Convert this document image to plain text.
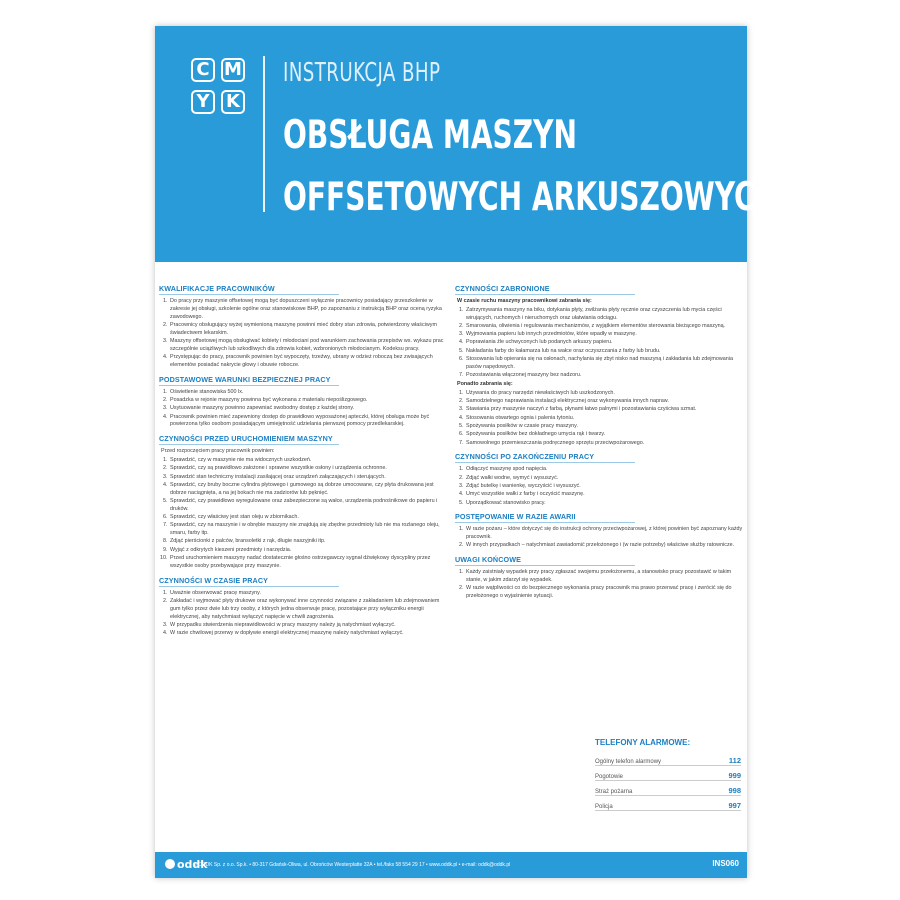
C M
Y K
INSTRUKCJA BHP
OBSŁUGA MASZYN
OFFSETOWYCH ARKUSZOWYCH
KWALIFIKACJE PRACOWNIKÓW
1. Do pracy przy maszynie offsetowej mogą być dopuszczeni wyłącznie pracownicy posiadający przeszkolenie w zakresie jej obsługi, szkolenie ogólne oraz stanowiskowe BHP, po zapoznaniu z instrukcją BHP oraz oceną ryzyka zawodowego.
2. Pracownicy obsługujący wyżej wymienioną maszynę powinni mieć dobry stan zdrowia, potwierdzony właściwym świadectwem lekarskim.
3. Maszyny offsetowej mogą obsługiwać kobiety i młodociani pod warunkiem zachowania przepisów ws. wykazu prac szczególnie uciążliwych lub szkodliwych dla zdrowia kobiet, wzbronionych młodocianym. Kodeksu pracy.
4. Przystępując do pracy, pracownik powinien być wypoczęty, trzeźwy, ubrany w odzież roboczą bez zwisających elementów posiadać nakrycie głowy i obuwie robocze.
PODSTAWOWE WARUNKI BEZPIECZNEJ PRACY
1. Oświetlenie stanowiska 500 lx.
2. Posadzka w rejonie maszyny powinna być wykonana z materiału niepoślizgowego.
3. Usytuowanie maszyny powinno zapewniać swobodny dostęp z każdej strony.
4. Pracownik powinien mieć zapewniony dostęp do prawidłowo wyposażonej apteczki, której obsługa może być powierzona tylko osobom posiadającym umiejętność udzielania pierwszej pomocy przedlekarskiej.
CZYNNOŚCI PRZED URUCHOMIENIEM MASZYNY
Przed rozpoczęciem pracy pracownik powinien:
1. Sprawdzić, czy w maszynie nie ma widocznych uszkodzeń.
2. Sprawdzić, czy są prawidłowo założone i sprawne wszystkie osłony i urządzenia ochronne.
3. Sprawdzić stan techniczny instalacji zasilającej oraz urządzeń załączających i sterujących.
4. Sprawdzić, czy bruby boczne cylindra płytowego i gumowego są dobrze umocowane, czy płyta drukowana jest dobrze naciągnięta, a na jej bokach nie ma zadziorów lub pęknięć.
5. Sprawdzić, czy prawidłowo wyregulowane oraz zabezpieczone są wałce, urządzenia podnośnikowe do papieru i druków.
6. Sprawdzić, czy właściwy jest stan oleju w zbiornikach.
7. Sprawdzić, czy na maszynie i w obrębie maszyny nie znajdują się zbędne przedmioty lub nie ma rozlanego oleju, smaru, farby itp.
8. Zdjąć pierścionki z palców, bransoletki z rąk, długie naszyjniki itp.
9. Wyjąć z odkrytych kieszeni przedmioty i narzędzia.
10. Przed uruchomieniem maszyny nadać dostatecznie głośno ostrzegawczy sygnał dźwiękowy dyscypliny przez wszystkie osoby przebywające przy maszynie.
CZYNNOŚCI W CZASIE PRACY
1. Uważnie obserwować pracę maszyny.
2. Zakładać i wyjmować płyty drukowe oraz wykonywać inne czynności związane z zakładaniem lub zdejmowaniem gum tylko przez dwie lub trzy osoby, z których jedna obserwuje pracę, pozostające przy wyłączniku energii elektrycznej, aby natychmiast wyłączyć napięcie w chwili zagrożenia.
3. W przypadku stwierdzenia nieprawidłowości w pracy maszyny należy ją natychmiast wyłączyć.
4. W razie chwilowej przerwy w dopływie energii elektrycznej maszynę należy natychmiast wyłączyć.
CZYNNOŚCI ZABRONIONE
W czasie ruchu maszyny pracownikowi zabrania się:
1. Zatrzymywania maszyny na biku, dotykania płyty, zwilżania płyty ręcznie oraz czyszczenia lub mycia części wirujących, ruchomych i nieruchomych oraz ułatwiania odciągu.
2. Smarowania, oliwienia i regulowania mechanizmów, z wyjątkiem elementów sterowania bieżącego maszyną.
3. Wyjmowania papieru lub innych przedmiotów, które wpadły w maszynę.
4. Poprawiania źle uchwyconych lub podanych arkuszy papieru.
5. Nakładania farby do kałamarza lub na wałce oraz oczyszczania z farby lub brudu.
6. Stosowania lub opierania się na osłonach, nachylania się zbyt nisko nad maszyną i zakładania lub zdejmowania pasów napędowych.
7. Pozostawiania włączonej maszyny bez nadzoru.
Ponadto zabrania się:
1. Używania do pracy narzędzi niewłaściwych lub uszkodzonych.
2. Samodzielnego naprawiania instalacji elektrycznej oraz wykonywania innych napraw.
3. Stawiania przy maszynie naczyń z farbą, płynami łatwo palnymi i pozostawiania czyściwa szmat.
4. Stosowania otwartego ognia i palenia tytoniu.
5. Spożywania posiłków w czasie pracy maszyny.
6. Spożywania posiłków bez dokładnego umycia rąk i twarzy.
7. Samowolnego przemieszczania podręcznego sprzętu przeciwpożarowego.
CZYNNOŚCI PO ZAKOŃCZENIU PRACY
1. Odłączyć maszynę spod napięcia.
2. Zdjąć wałki wodne, wymyć i wysuszyć.
3. Zdjąć butelkę i wanienkę, wyczyścić i wysuszyć.
4. Umyć wszystkie wałki z farby i oczyścić maszynę.
5. Uporządkować stanowisko pracy.
POSTĘPOWANIE W RAZIE AWARII
1. W razie pożaru – które dotyczyć się do instrukcji ochrony przeciwpożarowej, z której powinien być zapoznany każdy pracownik.
2. W innych przypadkach – natychmiast zawiadomić przełożonego i (w razie potrzeby) właściwe służby ratownicze.
UWAGI KOŃCOWE
1. Każdy zaistniały wypadek przy pracy zgłaszać swojemu przełożonemu, a stanowisko pracy pozostawić w takim stanie, w jakim zdarzył się wypadek.
2. W razie wątpliwości co do bezpiecznego wykonania pracy pracownik ma prawo przerwać pracę i zwrócić się do przełożonego o wyjaśnienie sytuacji.
TELEFONY ALARMOWE:
Ogólny telefon alarmowy	112
Pogotowie	999
Straż pożarna	998
Policja	997
oddk
© ODDK Sp. z o.o. Sp.k. • 80-317 Gdańsk-Oliwa, ul. Obrońców Westerplatte 32A • tel./faks 58 554 29 17 • www.oddk.pl • e-mail: oddk@oddk.pl	INS060
